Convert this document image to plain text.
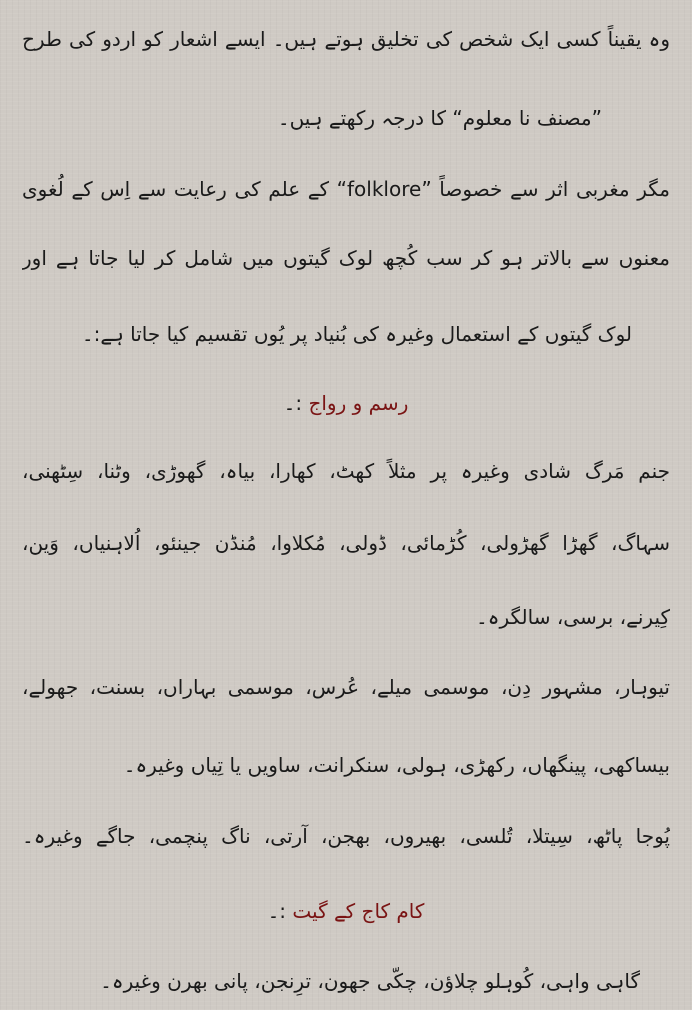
وہ یقیناً کسی ایک شخص کی تخلیق ہوتے ہیں۔ ایسے اشعار کو اردو کی طرح
”مصنف نا معلوم“ کا درجہ رکھتے ہیں۔
مگر مغربی اثر سے خصوصاً ”folklore“ کے علم کی رعایت سے اِس کے لُغوی
معنوں سے بالاتر ہو کر سب کُچھ لوک گیتوں میں شامل کر لیا جاتا ہے اور
لوک گیتوں کے استعمال وغیرہ کی بُنیاد پر یُوں تقسیم کیا جاتا ہے:۔
رسم و رواج :۔
جنم مَرگ شادی وغیرہ پر مثلاً کھٹ، کھارا، بیاہ، گھوڑی، وٹنا، سِٹھنی،
سہاگ، گھڑا گھڑولی، کُڑمائی، ڈولی، مُکلاوا، مُنڈن جینئو، اُلاہنیاں، وَین،
کِیرنے، برسی، سالگرہ۔
تیوہار، مشہور دِن، موسمی میلے، عُرس، موسمی بہاراں، بسنت، جھولے،
بیساکھی، پینگھاں، رکھڑی، ہولی، سنکرانت، ساویں یا تِیاں وغیرہ۔
پُوجا پاٹھ، سِیتلا، تُلسی، بھیروں، بھجن، آرتی، ناگ پنچمی، جاگے وغیرہ۔
کام کاج کے گیت :۔
گاہی واہی، کُوہلو چلاؤن، چکّی جھون، ترِنجن، پانی بھرن وغیرہ۔
